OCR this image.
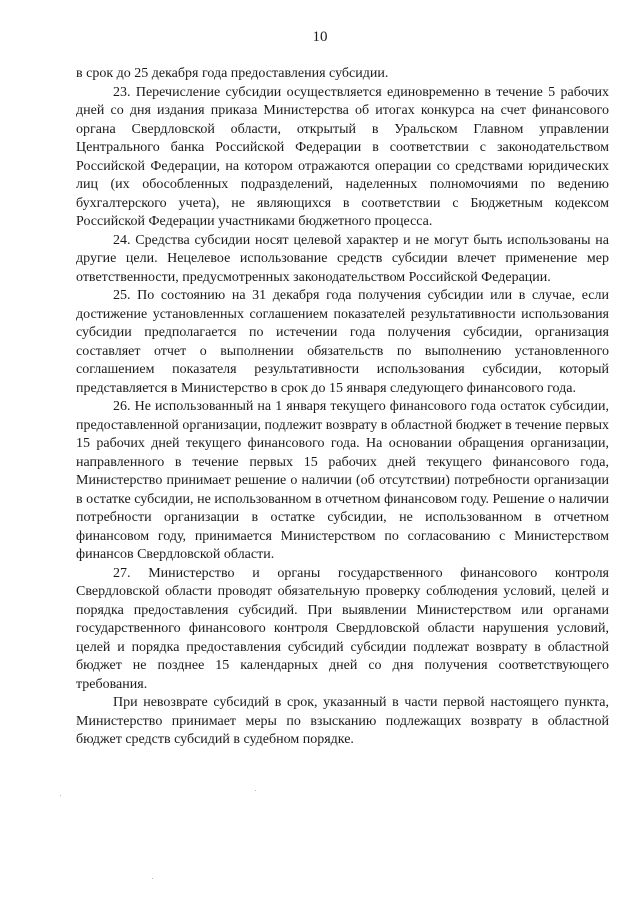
10

в срок до 25 декабря года предоставления субсидии.

23. Перечисление субсидии осуществляется единовременно в течение 5 рабочих дней со дня издания приказа Министерства об итогах конкурса на счет финансового органа Свердловской области, открытый в Уральском Главном управлении Центрального банка Российской Федерации в соответствии с законодательством Российской Федерации, на котором отражаются операции со средствами юридических лиц (их обособленных подразделений, наделенных полномочиями по ведению бухгалтерского учета), не являющихся в соответствии с Бюджетным кодексом Российской Федерации участниками бюджетного процесса.

24. Средства субсидии носят целевой характер и не могут быть использованы на другие цели. Нецелевое использование средств субсидии влечет применение мер ответственности, предусмотренных законодательством Российской Федерации.

25. По состоянию на 31 декабря года получения субсидии или в случае, если достижение установленных соглашением показателей результативности использования субсидии предполагается по истечении года получения субсидии, организация составляет отчет о выполнении обязательств по выполнению установленного соглашением показателя результативности использования субсидии, который представляется в Министерство в срок до 15 января следующего финансового года.

26. Не использованный на 1 января текущего финансового года остаток субсидии, предоставленной организации, подлежит возврату в областной бюджет в течение первых 15 рабочих дней текущего финансового года. На основании обращения организации, направленного в течение первых 15 рабочих дней текущего финансового года, Министерство принимает решение о наличии (об отсутствии) потребности организации в остатке субсидии, не использованном в отчетном финансовом году. Решение о наличии потребности организации в остатке субсидии, не использованном в отчетном финансовом году, принимается Министерством по согласованию с Министерством финансов Свердловской области.

27. Министерство и органы государственного финансового контроля Свердловской области проводят обязательную проверку соблюдения условий, целей и порядка предоставления субсидий. При выявлении Министерством или органами государственного финансового контроля Свердловской области нарушения условий, целей и порядка предоставления субсидий субсидии подлежат возврату в областной бюджет не позднее 15 календарных дней со дня получения соответствующего требования.

При невозврате субсидий в срок, указанный в части первой настоящего пункта, Министерство принимает меры по взысканию подлежащих возврату в областной бюджет средств субсидий в судебном порядке.
